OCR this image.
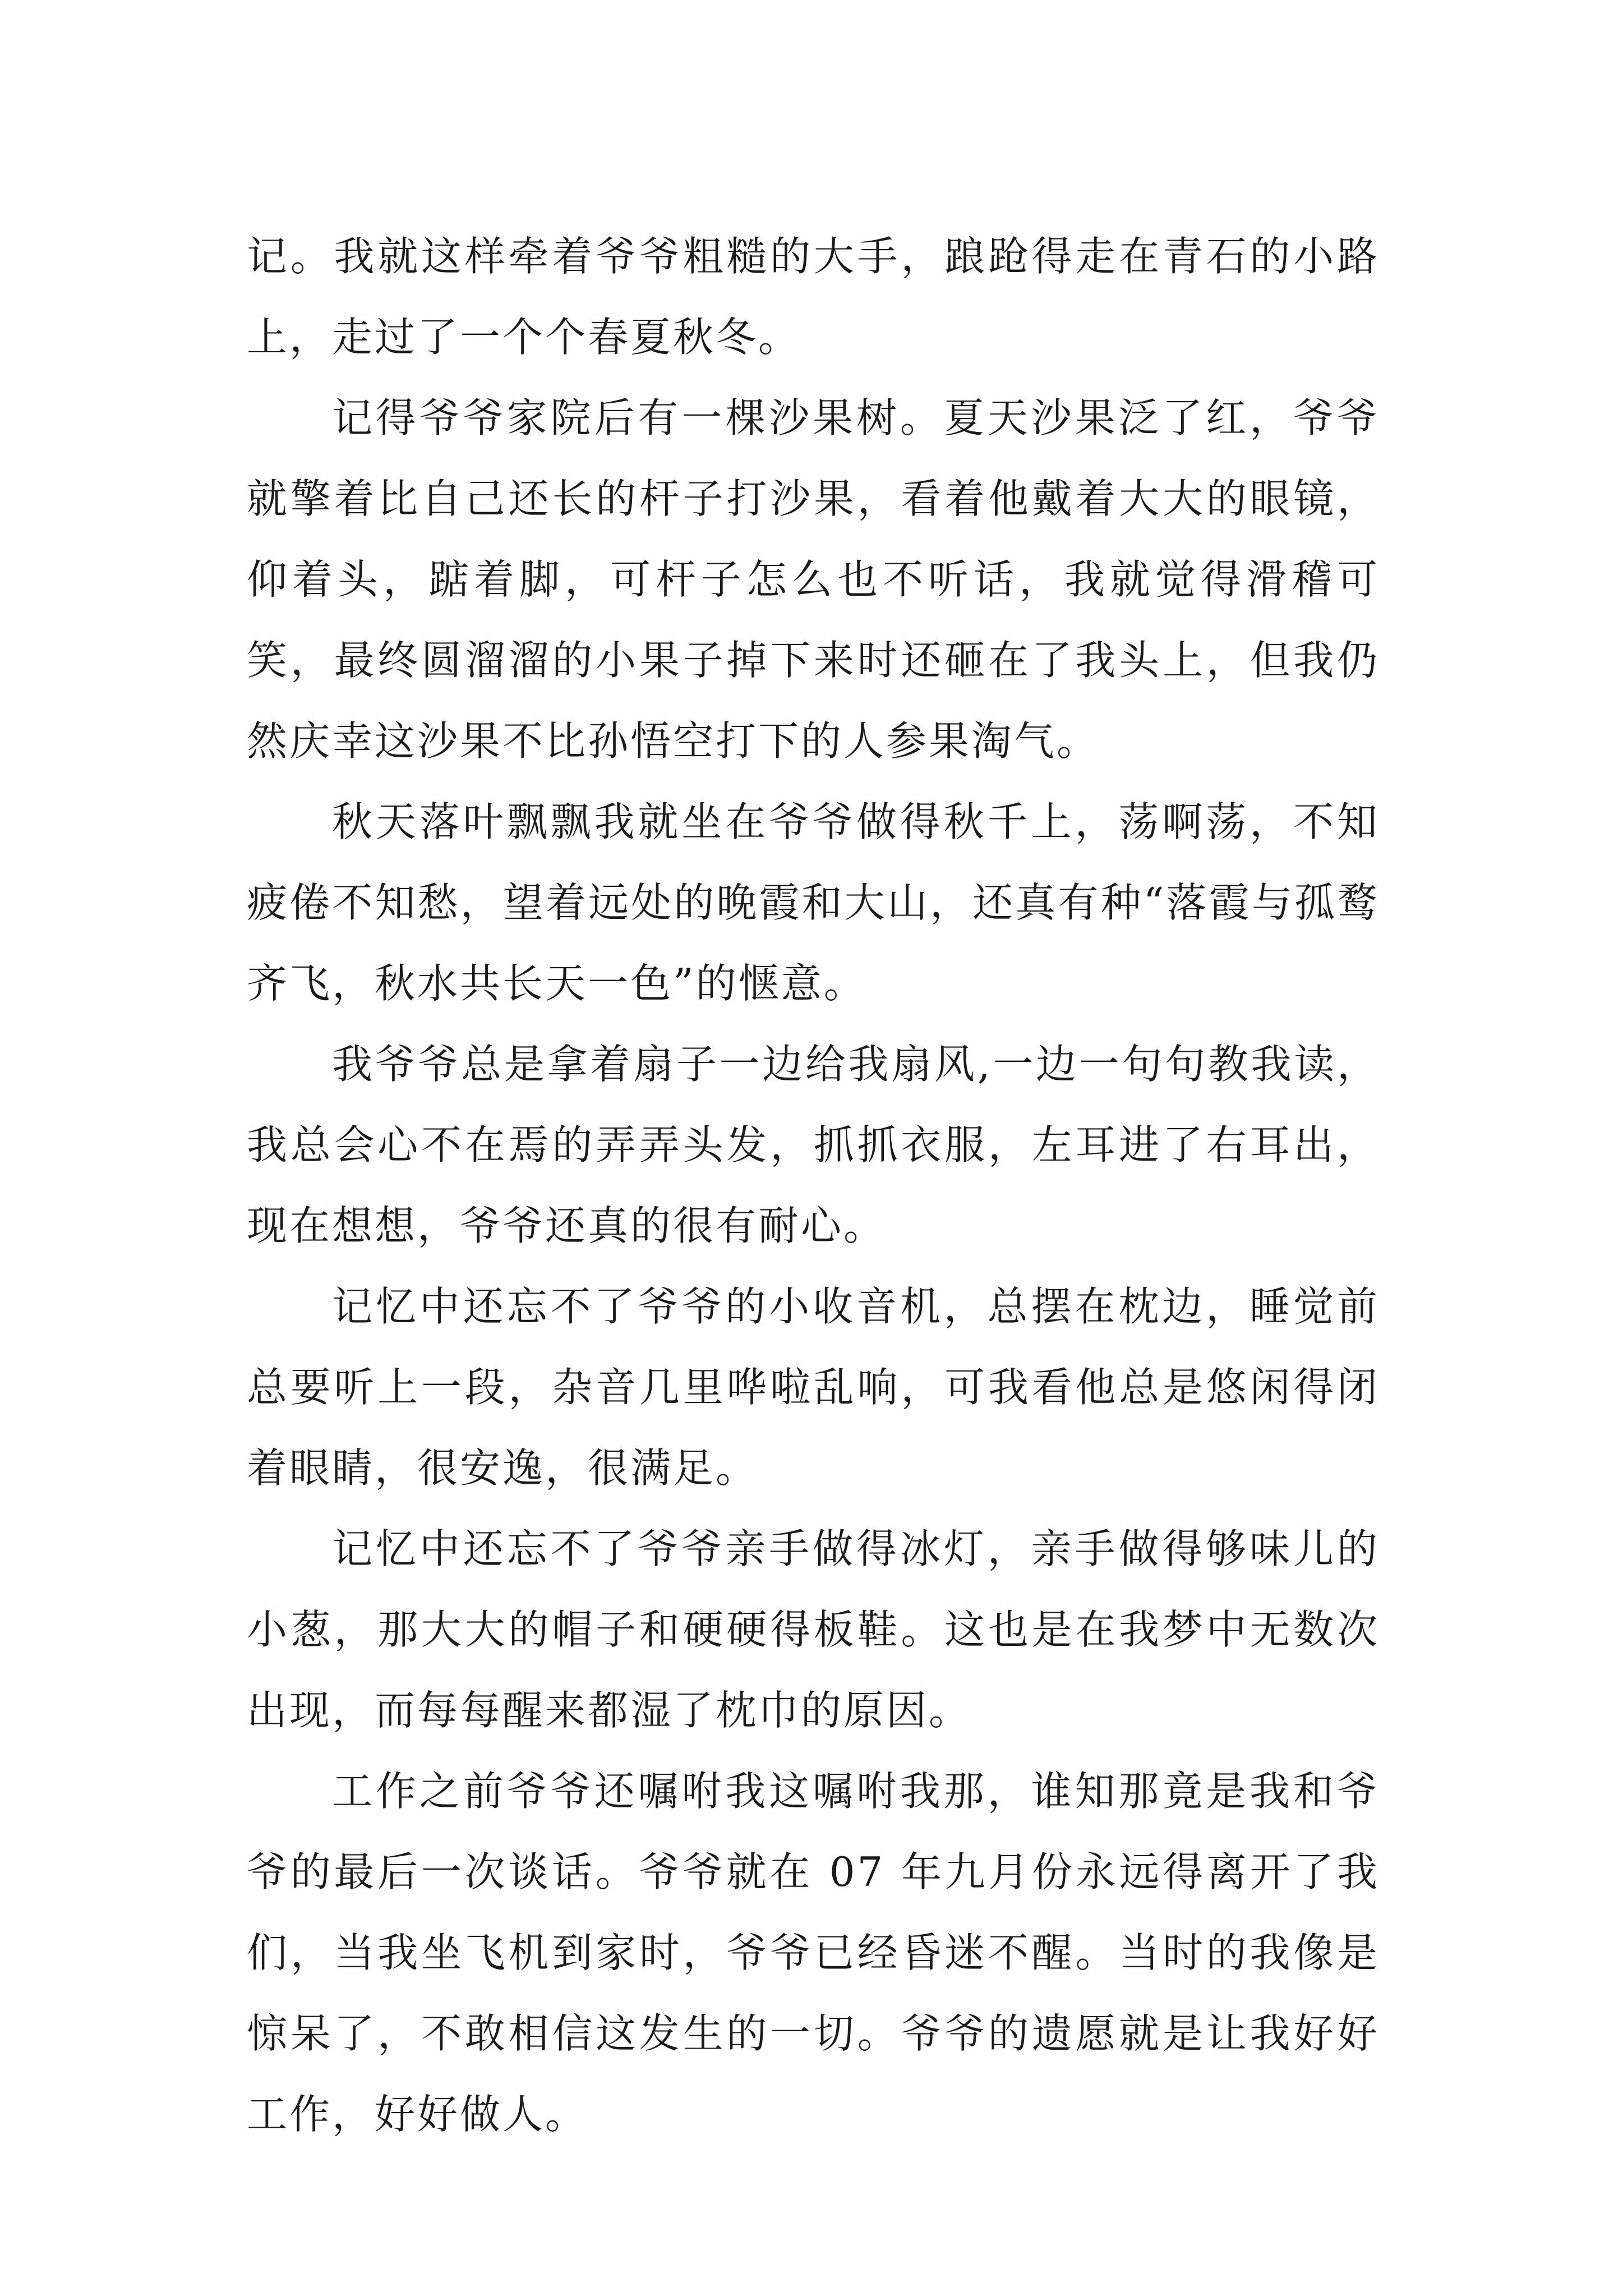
记。我就这样牵着爷爷粗糙的大手，踉跄得走在青石的小路上，走过了一个个春夏秋冬。

记得爷爷家院后有一棵沙果树。夏天沙果泛了红，爷爷就擎着比自己还长的杆子打沙果，看着他戴着大大的眼镜，仰着头，踮着脚，可杆子怎么也不听话，我就觉得滑稽可笑，最终圆溜溜的小果子掉下来时还砸在了我头上，但我仍然庆幸这沙果不比孙悟空打下的人参果淘气。

秋天落叶飘飘我就坐在爷爷做得秋千上，荡啊荡，不知疲倦不知愁，望着远处的晚霞和大山，还真有种“落霞与孤鹜齐飞，秋水共长天一色”的惬意。

我爷爷总是拿着扇子一边给我扇风,一边一句句教我读，我总会心不在焉的弄弄头发，抓抓衣服，左耳进了右耳出，现在想想，爷爷还真的很有耐心。

记忆中还忘不了爷爷的小收音机，总摆在枕边，睡觉前总要听上一段，杂音几里哗啦乱响，可我看他总是悠闲得闭着眼睛，很安逸，很满足。

记忆中还忘不了爷爷亲手做得冰灯，亲手做得够味儿的小葱，那大大的帽子和硬硬得板鞋。这也是在我梦中无数次出现，而每每醒来都湿了枕巾的原因。

工作之前爷爷还嘱咐我这嘱咐我那，谁知那竟是我和爷爷的最后一次谈话。爷爷就在 07 年九月份永远得离开了我们，当我坐飞机到家时，爷爷已经昏迷不醒。当时的我像是惊呆了，不敢相信这发生的一切。爷爷的遗愿就是让我好好工作，好好做人。
